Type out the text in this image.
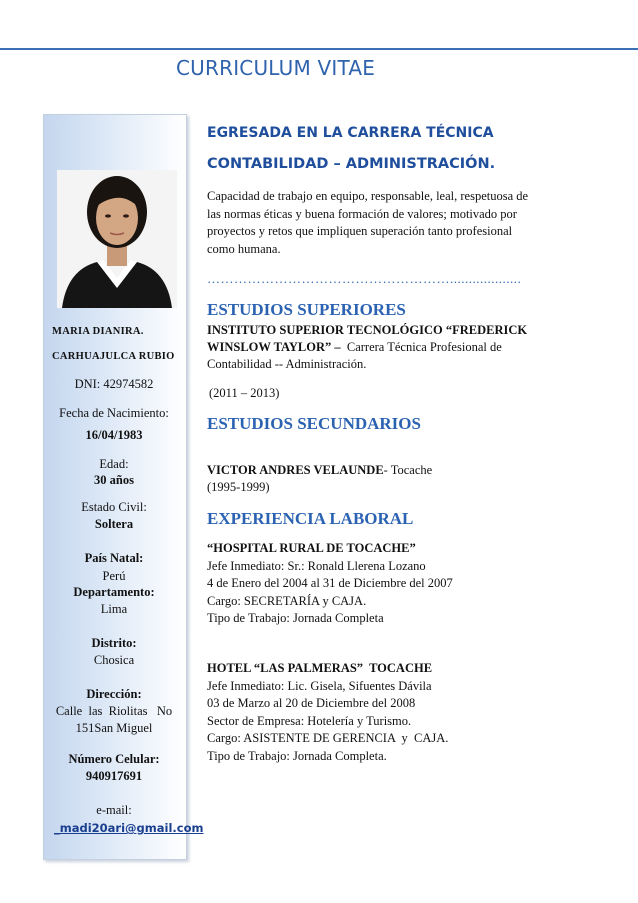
CURRICULUM VITAE
MARIA DIANIRA.
CARHUAJULCA RUBIO
DNI: 42974582
Fecha de Nacimiento:
16/04/1983
Edad:
30 años
Estado Civil:
Soltera
País Natal:
Perú
Departamento:
Lima
Distrito:
Chosica
Dirección:
Calle  las  Riolitas   No
151San Miguel
Número Celular:
940917691
e-mail:
_madi20ari@gmail.com
EGRESADA EN LA CARRERA TÉCNICA
CONTABILIDAD – ADMINISTRACIÓN.
Capacidad de trabajo en equipo, responsable, leal, respetuosa de
las normas éticas y buena formación de valores; motivado por
proyectos y retos que impliquen superación tanto profesional
como humana.
………………………………………………...................
ESTUDIOS SUPERIORES
INSTITUTO SUPERIOR TECNOLÓGICO “FREDERICK
WINSLOW TAYLOR” – Carrera Técnica Profesional de
Contabilidad -- Administración.
(2011 – 2013)
ESTUDIOS SECUNDARIOS
VICTOR ANDRES VELAUNDE- Tocache
(1995-1999)
EXPERIENCIA LABORAL
“HOSPITAL RURAL DE TOCACHE”
Jefe Inmediato: Sr.: Ronald Llerena Lozano
4 de Enero del 2004 al 31 de Diciembre del 2007
Cargo: SECRETARÍA y CAJA.
Tipo de Trabajo: Jornada Completa
HOTEL “LAS PALMERAS”  TOCACHE
Jefe Inmediato: Lic. Gisela, Sifuentes Dávila
03 de Marzo al 20 de Diciembre del 2008
Sector de Empresa: Hotelería y Turismo.
Cargo: ASISTENTE DE GERENCIA  y  CAJA.
Tipo de Trabajo: Jornada Completa.
